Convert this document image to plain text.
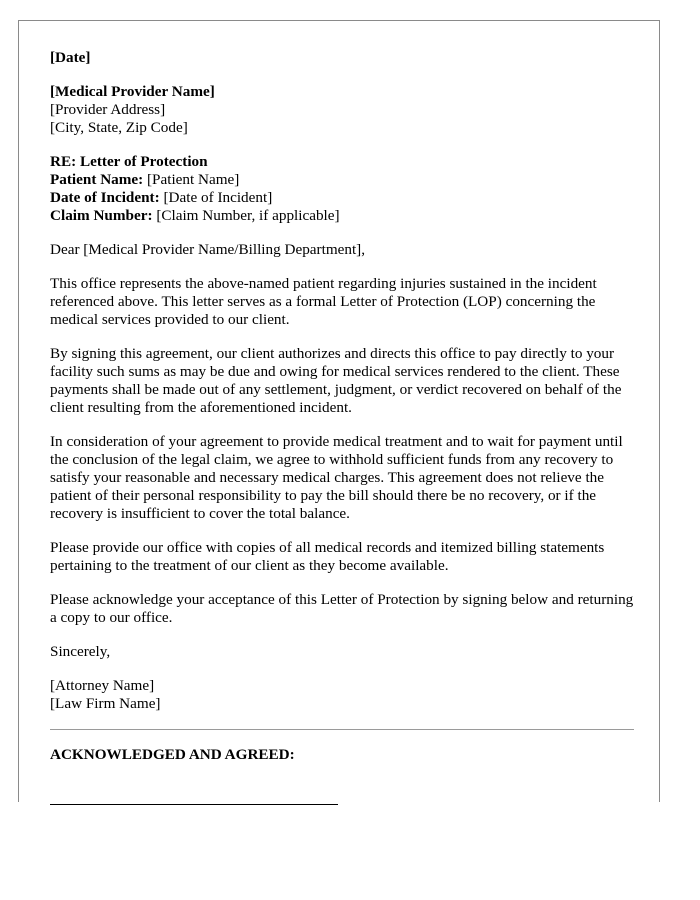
[Date]

[Medical Provider Name]
[Provider Address]
[City, State, Zip Code]

RE: Letter of Protection
Patient Name: [Patient Name]
Date of Incident: [Date of Incident]
Claim Number: [Claim Number, if applicable]

Dear [Medical Provider Name/Billing Department],

This office represents the above-named patient regarding injuries sustained in the incident referenced above. This letter serves as a formal Letter of Protection (LOP) concerning the medical services provided to our client.

By signing this agreement, our client authorizes and directs this office to pay directly to your facility such sums as may be due and owing for medical services rendered to the client. These payments shall be made out of any settlement, judgment, or verdict recovered on behalf of the client resulting from the aforementioned incident.

In consideration of your agreement to provide medical treatment and to wait for payment until the conclusion of the legal claim, we agree to withhold sufficient funds from any recovery to satisfy your reasonable and necessary medical charges. This agreement does not relieve the patient of their personal responsibility to pay the bill should there be no recovery, or if the recovery is insufficient to cover the total balance.

Please provide our office with copies of all medical records and itemized billing statements pertaining to the treatment of our client as they become available.

Please acknowledge your acceptance of this Letter of Protection by signing below and returning a copy to our office.

Sincerely,

[Attorney Name]
[Law Firm Name]

ACKNOWLEDGED AND AGREED:
